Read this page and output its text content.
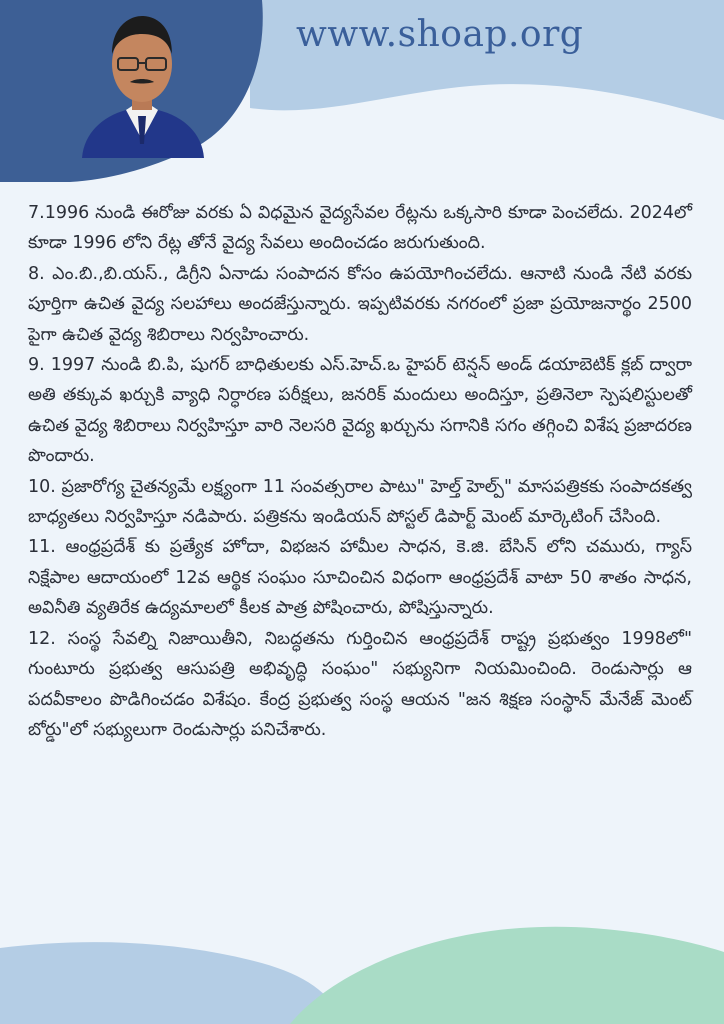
www.shoap.org

7.1996 నుండి ఈరోజు వరకు ఏ విధమైన వైద్యసేవల రేట్లను ఒక్కసారి కూడా పెంచలేదు. 2024లో కూడా 1996 లోని రేట్ల తోనే వైద్య సేవలు అందించడం జరుగుతుంది.

8. ఎం.బి.,బి.యస్., డిగ్రీని ఏనాడు సంపాదన కోసం ఉపయోగించలేదు. ఆనాటి నుండి నేటి వరకు పూర్తిగా ఉచిత వైద్య సలహాలు అందజేస్తున్నారు. ఇప్పటివరకు నగరంలో ప్రజా ప్రయోజనార్థం 2500 పైగా ఉచిత వైద్య శిబిరాలు నిర్వహించారు.

9. 1997 నుండి బి.పి, షుగర్ బాధితులకు ఎస్.హెచ్.ఒ హైపర్ టెన్షన్ అండ్ డయాబెటిక్ క్లబ్ ద్వారా అతి తక్కువ ఖర్చుకి వ్యాధి నిర్ధారణ పరీక్షలు, జనరిక్ మందులు అందిస్తూ, ప్రతినెలా స్పెషలిస్టులతో ఉచిత వైద్య శిబిరాలు నిర్వహిస్తూ వారి నెలసరి వైద్య ఖర్చును సగానికి సగం తగ్గించి విశేష ప్రజాదరణ పొందారు.

10. ప్రజారోగ్య చైతన్యమే లక్ష్యంగా 11 సంవత్సరాల పాటు" హెల్త్ హెల్ప్" మాసపత్రికకు సంపాదకత్వ బాధ్యతలు నిర్వహిస్తూ నడిపారు. పత్రికను ఇండియన్ పోస్టల్ డిపార్ట్ మెంట్ మార్కెటింగ్ చేసింది.

11. ఆంధ్రప్రదేశ్ కు ప్రత్యేక హోదా, విభజన హామీల సాధన, కె.జి. బేసిన్ లోని చమురు, గ్యాస్ నిక్షేపాల ఆదాయంలో 12వ ఆర్థిక సంఘం సూచించిన విధంగా ఆంధ్రప్రదేశ్ వాటా 50 శాతం సాధన, అవినీతి వ్యతిరేక ఉద్యమాలలో కీలక పాత్ర పోషించారు, పోషిస్తున్నారు.

12. సంస్థ సేవల్ని నిజాయితీని, నిబద్ధతను గుర్తించిన ఆంధ్రప్రదేశ్ రాష్ట్ర ప్రభుత్వం 1998లో" గుంటూరు ప్రభుత్వ ఆసుపత్రి అభివృద్ధి సంఘం" సభ్యునిగా నియమించింది. రెండుసార్లు ఆ పదవీకాలం పొడిగించడం విశేషం. కేంద్ర ప్రభుత్వ సంస్థ ఆయన "జన శిక్షణ సంస్థాన్ మేనేజ్ మెంట్ బోర్డు"లో సభ్యులుగా రెండుసార్లు పనిచేశారు.
